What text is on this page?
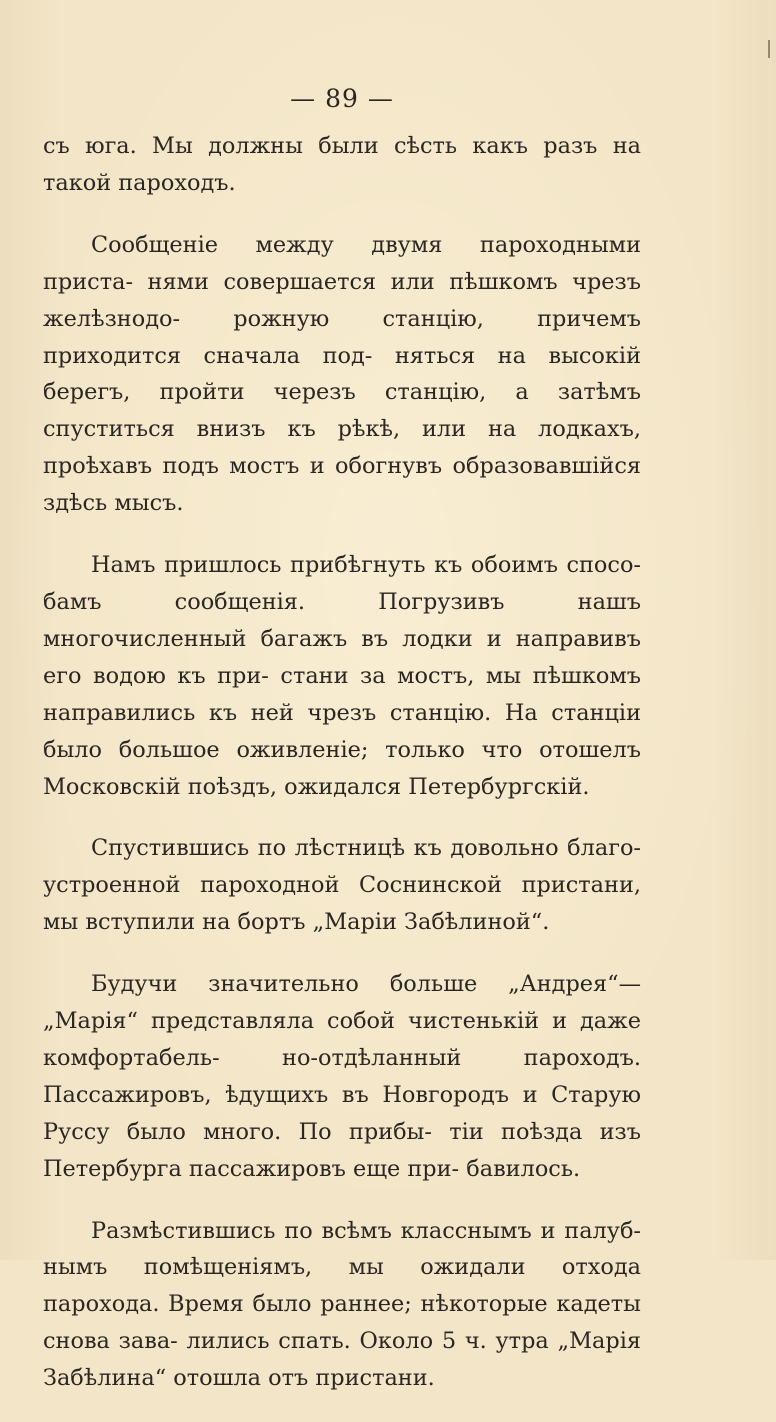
— 89 —

съ юга. Мы должны были сѣсть какъ разъ на такой пароходъ.

Сообщеніе между двумя пароходными приста- нями совершается или пѣшкомъ чрезъ желѣзнодо- рожную станцію, причемъ приходится сначала под- няться на высокій берегъ, пройти черезъ станцію, а затѣмъ спуститься внизъ къ рѣкѣ, или на лодкахъ, проѣхавъ подъ мостъ и обогнувъ образовавшійся здѣсь мысъ.

Намъ пришлось прибѣгнуть къ обоимъ спосо- бамъ сообщенія. Погрузивъ нашъ многочисленный багажъ въ лодки и направивъ его водою къ при- стани за мостъ, мы пѣшкомъ направились къ ней чрезъ станцію. На станціи было большое оживленіе; только что отошелъ Московскій поѣздъ, ожидался Петербургскій.

Спустившись по лѣстницѣ къ довольно благо- устроенной пароходной Соснинской пристани, мы вступили на бортъ „Маріи Забѣлиной“.

Будучи значительно больше „Андрея“—„Марія“ представляла собой чистенькій и даже комфортабель- но-отдѣланный пароходъ. Пассажировъ, ѣдущихъ въ Новгородъ и Старую Руссу было много. По прибы- тіи поѣзда изъ Петербурга пассажировъ еще при- бавилось.

Размѣстившись по всѣмъ класснымъ и палуб- нымъ помѣщеніямъ, мы ожидали отхода парохода. Время было раннее; нѣкоторые кадеты снова зава- лились спать. Около 5 ч. утра „Марія Забѣлина“ отошла отъ пристани.
